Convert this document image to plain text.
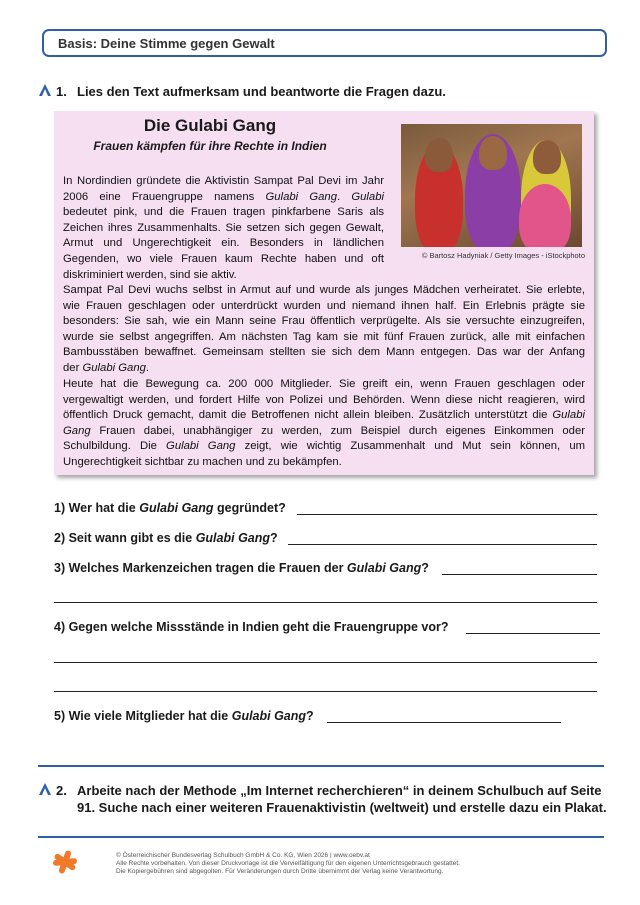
Basis: Deine Stimme gegen Gewalt
1. Lies den Text aufmerksam und beantworte die Fragen dazu.
Die Gulabi Gang
Frauen kämpfen für ihre Rechte in Indien
© Bartosz Hadyniak / Getty Images - iStockphoto
In Nordindien gründete die Aktivistin Sampat Pal Devi im Jahr
2006 eine Frauengruppe namens Gulabi Gang. Gulabi
bedeutet pink, und die Frauen tragen pinkfarbene Saris als
Zeichen ihres Zusammenhalts. Sie setzen sich gegen Gewalt,
Armut und Ungerechtigkeit ein. Besonders in ländlichen
Gegenden, wo viele Frauen kaum Rechte haben und oft
diskriminiert werden, sind sie aktiv.
Sampat Pal Devi wuchs selbst in Armut auf und wurde als junges Mädchen verheiratet. Sie erlebte,
wie Frauen geschlagen oder unterdrückt wurden und niemand ihnen half. Ein Erlebnis prägte sie
besonders: Sie sah, wie ein Mann seine Frau öffentlich verprügelte. Als sie versuchte einzugreifen,
wurde sie selbst angegriffen. Am nächsten Tag kam sie mit fünf Frauen zurück, alle mit einfachen
Bambusstäben bewaffnet. Gemeinsam stellten sie sich dem Mann entgegen. Das war der Anfang
der Gulabi Gang.
Heute hat die Bewegung ca. 200 000 Mitglieder. Sie greift ein, wenn Frauen geschlagen oder
vergewaltigt werden, und fordert Hilfe von Polizei und Behörden. Wenn diese nicht reagieren, wird
öffentlich Druck gemacht, damit die Betroffenen nicht allein bleiben. Zusätzlich unterstützt die Gulabi
Gang Frauen dabei, unabhängiger zu werden, zum Beispiel durch eigenes Einkommen oder
Schulbildung. Die Gulabi Gang zeigt, wie wichtig Zusammenhalt und Mut sein können, um
Ungerechtigkeit sichtbar zu machen und zu bekämpfen.
1) Wer hat die Gulabi Gang gegründet?
2) Seit wann gibt es die Gulabi Gang?
3) Welches Markenzeichen tragen die Frauen der Gulabi Gang?
4) Gegen welche Missstände in Indien geht die Frauengruppe vor?
5) Wie viele Mitglieder hat die Gulabi Gang?
2. Arbeite nach der Methode „Im Internet recherchieren“ in deinem Schulbuch auf Seite
91. Suche nach einer weiteren Frauenaktivistin (weltweit) und erstelle dazu ein Plakat.
© Österreichischer Bundesverlag Schulbuch GmbH & Co. KG, Wien 2026 | www.oebv.at
Alle Rechte vorbehalten. Von dieser Druckvorlage ist die Vervielfältigung für den eigenen Unterrichtsgebrauch gestattet.
Die Kopiergebühren sind abgegolten. Für Veränderungen durch Dritte übernimmt der Verlag keine Verantwortung.
